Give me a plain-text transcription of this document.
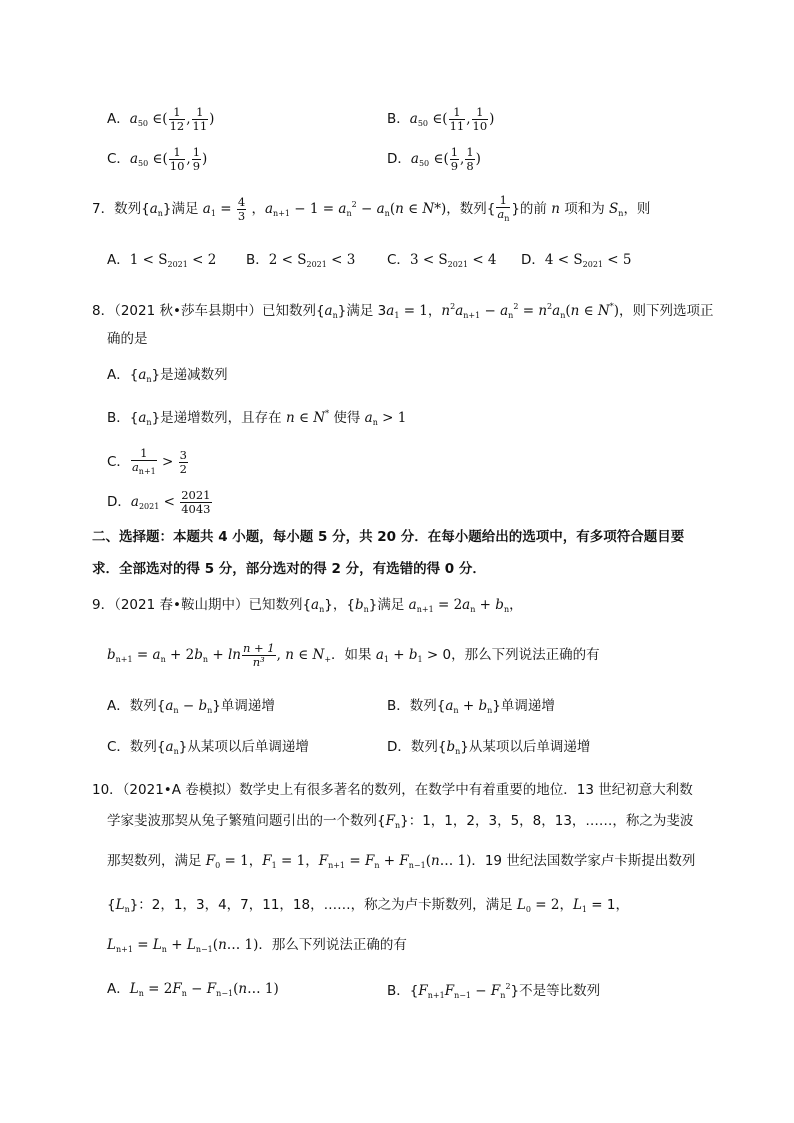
A．$a_{50}$ ∈( $\frac{1}{12}$ , $\frac{1}{11}$ )	B．$a_{50}$ ∈( $\frac{1}{11}$ , $\frac{1}{10}$ )
C．$a_{50}$ ∈( $\frac{1}{10}$ , $\frac{1}{9}$ )	D．$a_{50}$ ∈( $\frac{1}{9}$ , $\frac{1}{8}$ )
7．数列$\{a_n\}$满足 $a_1 = \frac{4}{3}$ ，$a_{n+1} - 1 = a_n^2 - a_n(n$ ∈ N*)，数列{ $\frac{1}{a_n}$ }的前 n 项和为 $S_n$，则
A．$1 < S_{2021} < 2$ B．$2 < S_{2021} < 3$ C．$3 < S_{2021} < 4$ D．$4 < S_{2021} < 5$
8．（2021 秋•莎车县期中）已知数列$\{a_n\}$满足 $3a_1 = 1$，$n^2a_{n+1} - a_n^2 = n^2a_n(n$ ∈ N*)，则下列选项正
确的是
A．$\{a_n\}$是递减数列
B．$\{a_n\}$是递增数列，且存在 n ∈ N* 使得 $a_n > 1$
C． $\frac{1}{a_{n+1}} > \frac{3}{2}$
D．$a_{2021} < \frac{2021}{4043}$
二、选择题：本题共 4 小题，每小题 5 分，共 20 分．在每小题给出的选项中，有多项符合题目要
求．全部选对的得 5 分，部分选对的得 2 分，有选错的得 0 分．
9．（2021 春•鞍山期中）已知数列$\{a_n\}$，$\{b_n\}$满足 $a_{n+1} = 2a_n + b_n$，
$b_{n+1} = a_n + 2b_n + \ln \frac{n + 1}{\text{n³}}$ , n ∈ $N_+$．如果 $a_1 + b_1 > 0$，那么下列说法正确的有
A．数列$\{a_n - b_n\}$单调递增	B．数列$\{a_n + b_n\}$单调递增
C．数列$\{a_n\}$从某项以后单调递增	D．数列$\{b_n\}$从某项以后单调递增
10．（2021•A 卷模拟）数学史上有很多著名的数列，在数学中有着重要的地位．13 世纪初意大利数
学家斐波那契从兔子繁殖问题引出的一个数列$\{F_n\}$：1，1，2，3，5，8，13，……，称之为斐波
那契数列，满足 $F_0 = 1$，$F_1 = 1$，$F_{n+1} = F_n$ + $F_{n-1}(n\dots$ 1)．19 世纪法国数学家卢卡斯提出数列
$\{L_n\}$：2，1，3，4，7，11，18，……，称之为卢卡斯数列，满足 $L_0 = 2$，$L_1 = 1$，
$L_{n+1} = L_n$ + $L_{n-1}(n\dots$ 1)．那么下列说法正确的有
A．$L_n = 2F_n$ − $F_{n-1}(n\dots$ 1)	B．$\{F_{n+1}F_{n-1} - F_n^2\}$不是等比数列
